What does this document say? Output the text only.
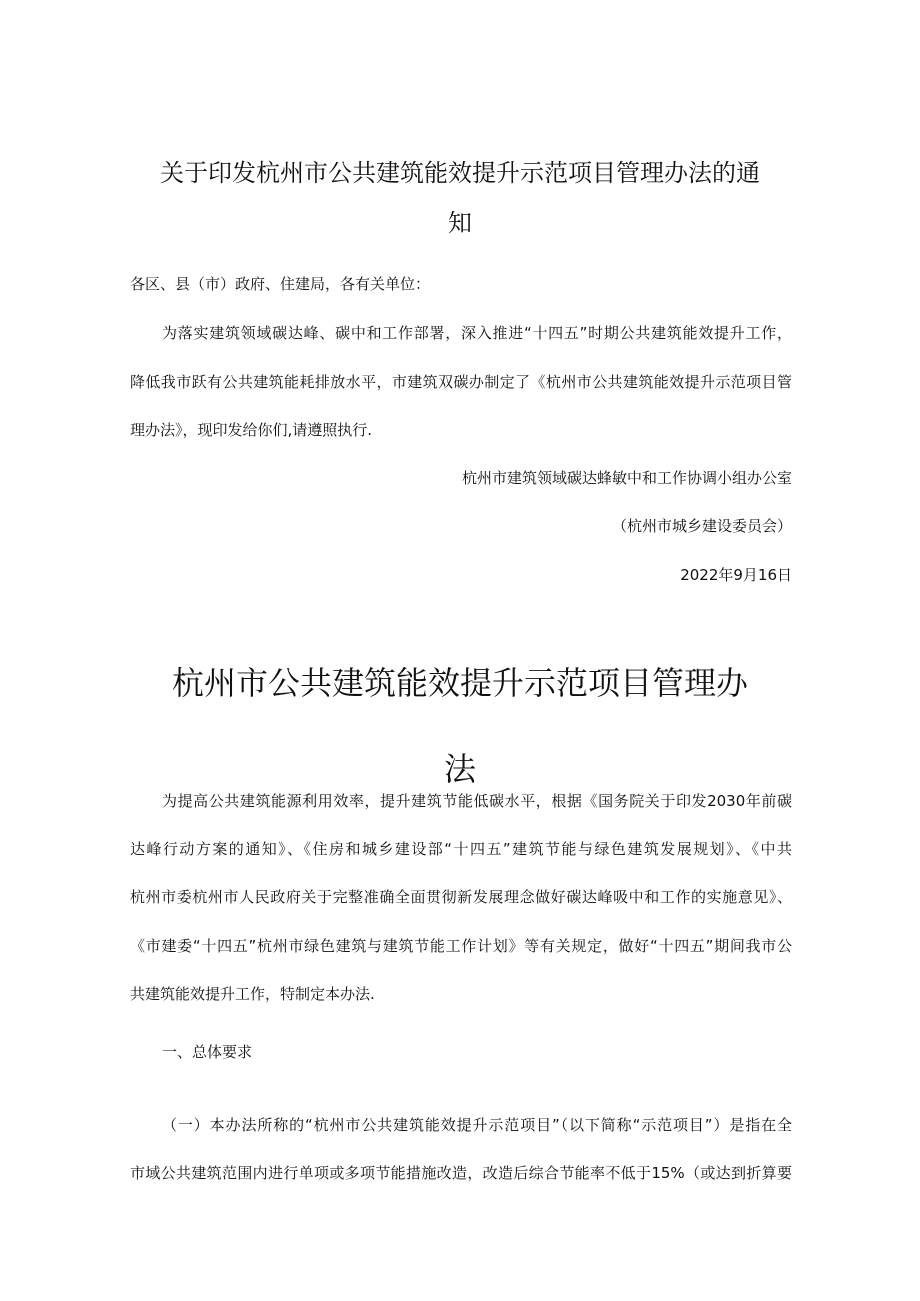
关于印发杭州市公共建筑能效提升示范项目管理办法的通
知
各区、县（市）政府、住建局，各有关单位：
为落实建筑领域碳达峰、碳中和工作部署，深入推进“十四五”时期公共建筑能效提升工作，
降低我市跃有公共建筑能耗排放水平，市建筑双碳办制定了《杭州市公共建筑能效提升示范项目管
理办法》，现印发给你们,请遵照执行.
杭州市建筑领域碳达蜂敏中和工作协调小组办公室
（杭州市城乡建设委员会）
2022年9月16日
杭州市公共建筑能效提升示范项目管理办
法
为提高公共建筑能源利用效率，提升建筑节能低碳水平，根据《国务院关于印发2030年前碳
达峰行动方案的通知》、《住房和城乡建设部“十四五”建筑节能与绿色建筑发展规划》、《中共
杭州市委杭州市人民政府关于完整准确全面贯彻新发展理念做好碳达峰吸中和工作的实施意见》、
《市建委“十四五”杭州市绿色建筑与建筑节能工作计划》等有关规定，做好“十四五”期间我市公
共建筑能效提升工作，特制定本办法.
一、总体要求
（一）本办法所称的“杭州市公共建筑能效提升示范项目”（以下简称“示范项目”）是指在全
市域公共建筑范围内进行单项或多项节能措施改造，改造后综合节能率不低于15%（或达到折算要
